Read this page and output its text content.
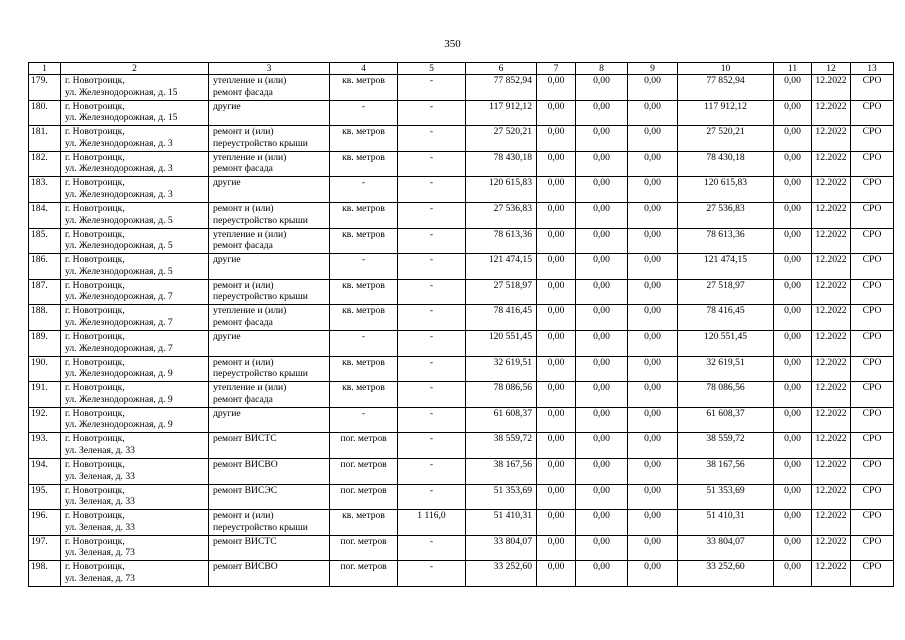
350
1	2	3	4	5	6	7	8	9	10	11	12	13
179.	г. Новотроицк,
ул. Железнодорожная, д. 15	утепление и (или)
ремонт фасада	кв. метров	-	77 852,94	0,00	0,00	0,00	77 852,94	0,00	12.2022	СРО
180.	г. Новотроицк,
ул. Железнодорожная, д. 15	другие	-	-	117 912,12	0,00	0,00	0,00	117 912,12	0,00	12.2022	СРО
181.	г. Новотроицк,
ул. Железнодорожная, д. 3	ремонт и (или)
переустройство крыши	кв. метров	-	27 520,21	0,00	0,00	0,00	27 520,21	0,00	12.2022	СРО
182.	г. Новотроицк,
ул. Железнодорожная, д. 3	утепление и (или)
ремонт фасада	кв. метров	-	78 430,18	0,00	0,00	0,00	78 430,18	0,00	12.2022	СРО
183.	г. Новотроицк,
ул. Железнодорожная, д. 3	другие	-	-	120 615,83	0,00	0,00	0,00	120 615,83	0,00	12.2022	СРО
184.	г. Новотроицк,
ул. Железнодорожная, д. 5	ремонт и (или)
переустройство крыши	кв. метров	-	27 536,83	0,00	0,00	0,00	27 536,83	0,00	12.2022	СРО
185.	г. Новотроицк,
ул. Железнодорожная, д. 5	утепление и (или)
ремонт фасада	кв. метров	-	78 613,36	0,00	0,00	0,00	78 613,36	0,00	12.2022	СРО
186.	г. Новотроицк,
ул. Железнодорожная, д. 5	другие	-	-	121 474,15	0,00	0,00	0,00	121 474,15	0,00	12.2022	СРО
187.	г. Новотроицк,
ул. Железнодорожная, д. 7	ремонт и (или)
переустройство крыши	кв. метров	-	27 518,97	0,00	0,00	0,00	27 518,97	0,00	12.2022	СРО
188.	г. Новотроицк,
ул. Железнодорожная, д. 7	утепление и (или)
ремонт фасада	кв. метров	-	78 416,45	0,00	0,00	0,00	78 416,45	0,00	12.2022	СРО
189.	г. Новотроицк,
ул. Железнодорожная, д. 7	другие	-	-	120 551,45	0,00	0,00	0,00	120 551,45	0,00	12.2022	СРО
190.	г. Новотроицк,
ул. Железнодорожная, д. 9	ремонт и (или)
переустройство крыши	кв. метров	-	32 619,51	0,00	0,00	0,00	32 619,51	0,00	12.2022	СРО
191.	г. Новотроицк,
ул. Железнодорожная, д. 9	утепление и (или)
ремонт фасада	кв. метров	-	78 086,56	0,00	0,00	0,00	78 086,56	0,00	12.2022	СРО
192.	г. Новотроицк,
ул. Железнодорожная, д. 9	другие	-	-	61 608,37	0,00	0,00	0,00	61 608,37	0,00	12.2022	СРО
193.	г. Новотроицк,
ул. Зеленая, д. 33	ремонт ВИСТС	пог. метров	-	38 559,72	0,00	0,00	0,00	38 559,72	0,00	12.2022	СРО
194.	г. Новотроицк,
ул. Зеленая, д. 33	ремонт ВИСВО	пог. метров	-	38 167,56	0,00	0,00	0,00	38 167,56	0,00	12.2022	СРО
195.	г. Новотроицк,
ул. Зеленая, д. 33	ремонт ВИСЭС	пог. метров	-	51 353,69	0,00	0,00	0,00	51 353,69	0,00	12.2022	СРО
196.	г. Новотроицк,
ул. Зеленая, д. 33	ремонт и (или)
переустройство крыши	кв. метров	1 116,0	51 410,31	0,00	0,00	0,00	51 410,31	0,00	12.2022	СРО
197.	г. Новотроицк,
ул. Зеленая, д. 73	ремонт ВИСТС	пог. метров	-	33 804,07	0,00	0,00	0,00	33 804,07	0,00	12.2022	СРО
198.	г. Новотроицк,
ул. Зеленая, д. 73	ремонт ВИСВО	пог. метров	-	33 252,60	0,00	0,00	0,00	33 252,60	0,00	12.2022	СРО
